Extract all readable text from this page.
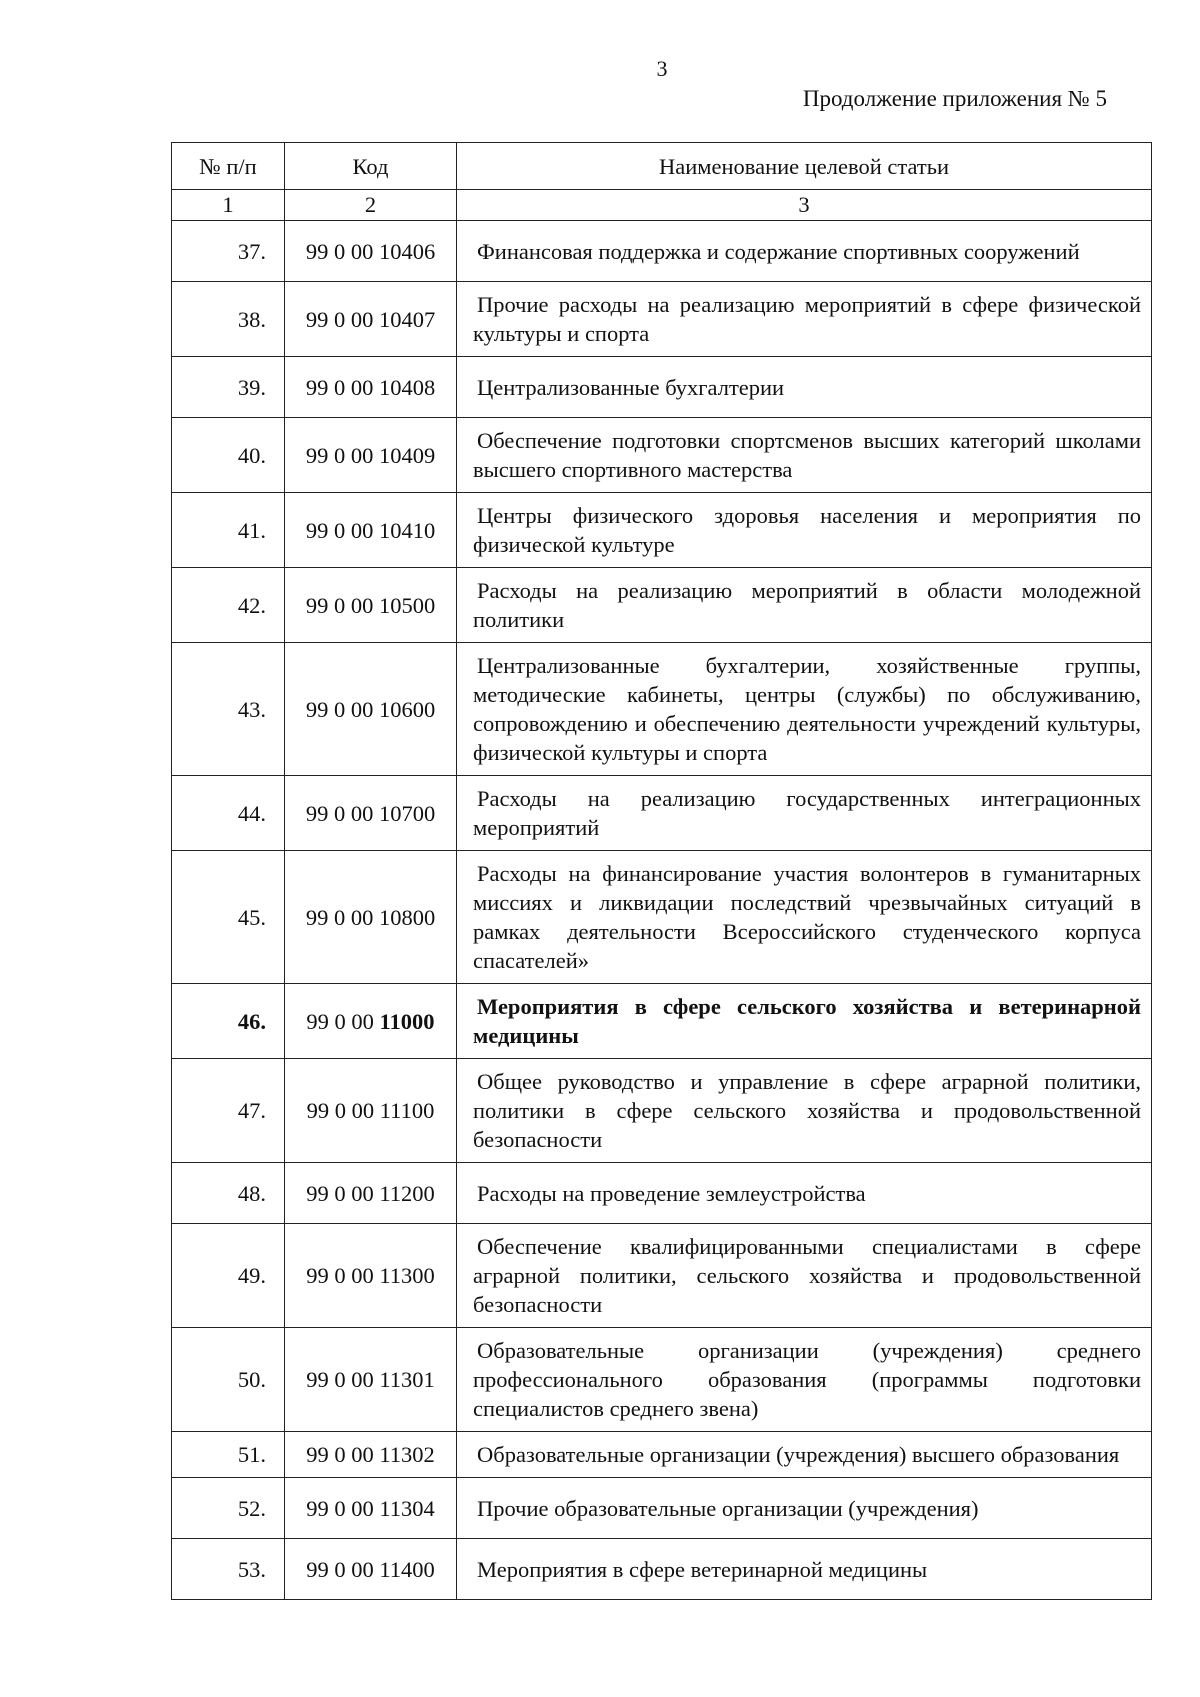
3
Продолжение приложения № 5
№ п/п	Код	Наименование целевой статьи
1	2	3
37.	99 0 00 10406	Финансовая поддержка и содержание спортивных сооружений

38.	99 0 00 10407	Прочие расходы на реализацию мероприятий в сфере физической культуры и спорта

39.	99 0 00 10408	Централизованные бухгалтерии

40.	99 0 00 10409	Обеспечение подготовки спортсменов высших категорий школами высшего спортивного мастерства

41.	99 0 00 10410	Центры физического здоровья населения и мероприятия по физической культуре

42.	99 0 00 10500	Расходы на реализацию мероприятий в области молодежной политики

43.	99 0 00 10600	Централизованные бухгалтерии, хозяйственные группы, методические кабинеты, центры (службы) по обслуживанию, сопровождению и обеспечению деятельности учреждений культуры, физической культуры и спорта

44.	99 0 00 10700	Расходы на реализацию государственных интеграционных мероприятий

45.	99 0 00 10800	Расходы на финансирование участия волонтеров в гуманитарных миссиях и ликвидации последствий чрезвычайных ситуаций в рамках деятельности Всероссийского студенческого корпуса спасателей»

46.	99 0 00 11000	Мероприятия в сфере сельского хозяйства и ветеринарной медицины

47.	99 0 00 11100	Общее руководство и управление в сфере аграрной политики, политики в сфере сельского хозяйства и продовольственной безопасности

48.	99 0 00 11200	Расходы на проведение землеустройства

49.	99 0 00 11300	Обеспечение квалифицированными специалистами в сфере аграрной политики, сельского хозяйства и продовольственной безопасности

50.	99 0 00 11301	Образовательные организации (учреждения) среднего профессионального образования (программы подготовки специалистов среднего звена)

51.	99 0 00 11302	Образовательные организации (учреждения) высшего образования

52.	99 0 00 11304	Прочие образовательные организации (учреждения)

53.	99 0 00 11400	Мероприятия в сфере ветеринарной медицины
